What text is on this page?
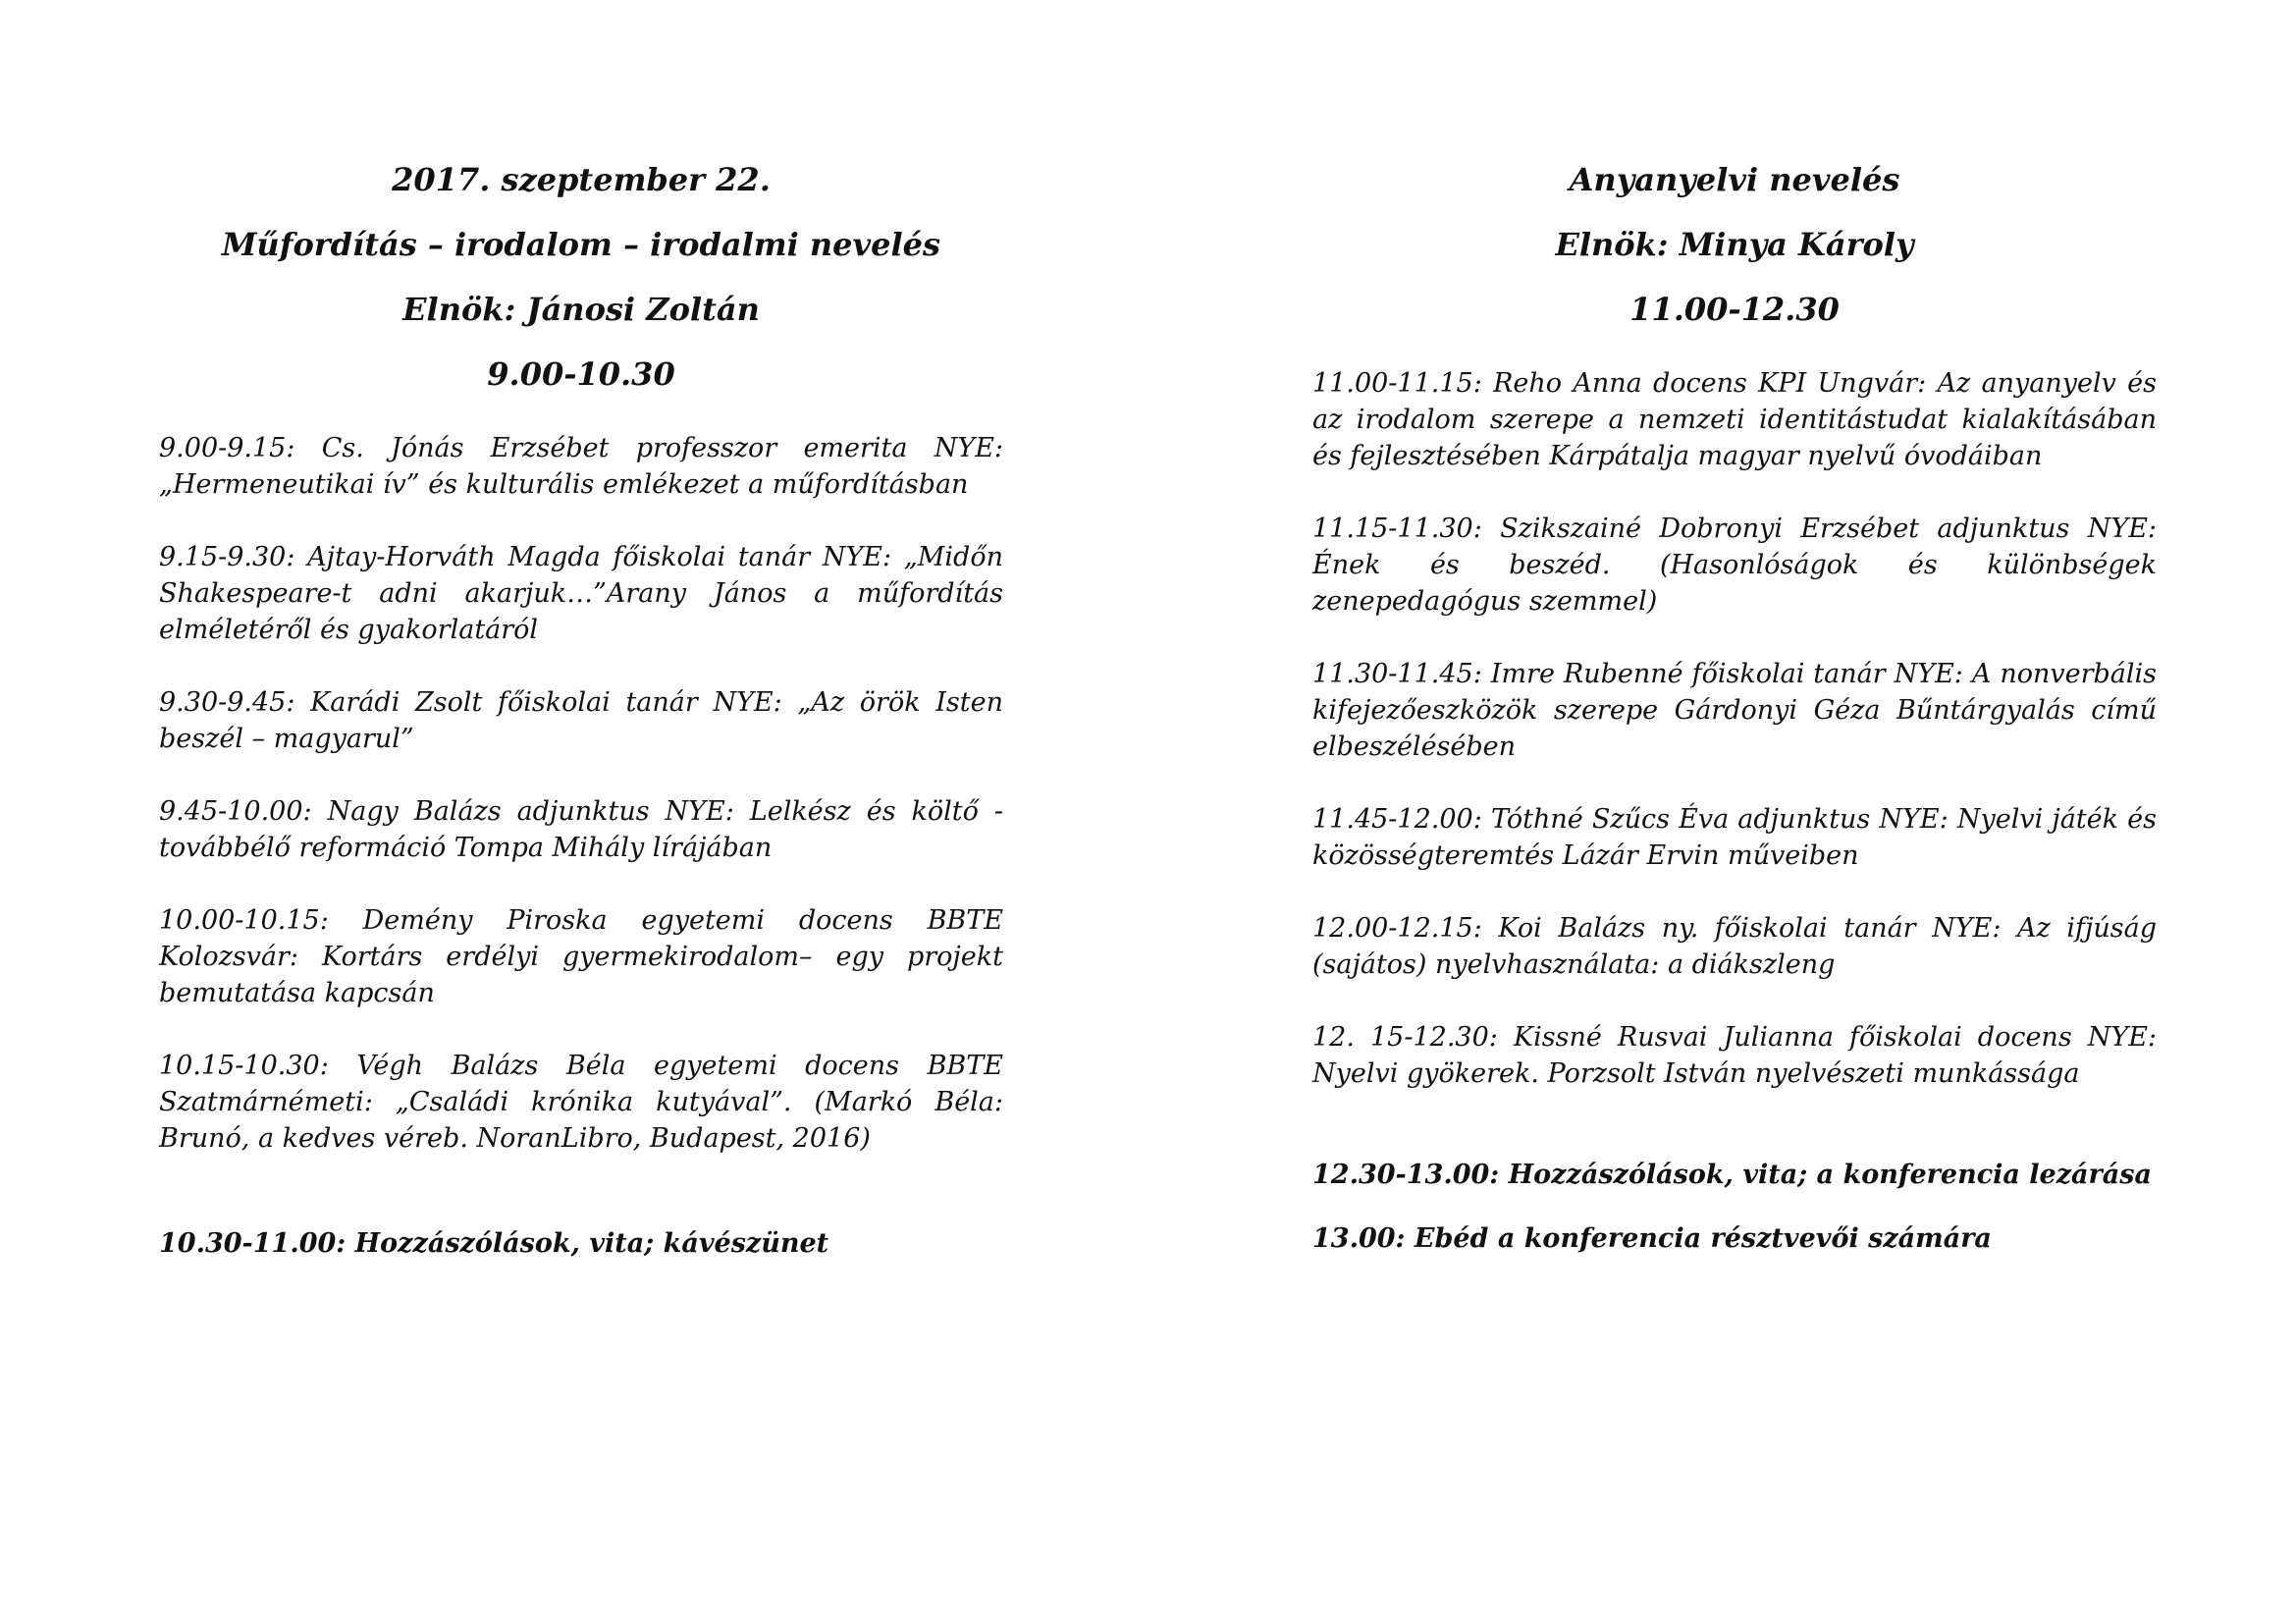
2017. szeptember 22.

Műfordítás – irodalom – irodalmi nevelés

Elnök: Jánosi Zoltán

9.00-10.30

9.00-9.15: Cs. Jónás Erzsébet professzor emerita NYE: „Hermeneutikai ív” és kulturális emlékezet a műfordításban

9.15-9.30: Ajtay-Horváth Magda főiskolai tanár NYE: „Midőn Shakespeare-t adni akarjuk…”Arany János a műfordítás elméletéről és gyakorlatáról

9.30-9.45: Karádi Zsolt főiskolai tanár NYE: „Az örök Isten beszél – magyarul”

9.45-10.00: Nagy Balázs adjunktus NYE: Lelkész és költő - továbbélő reformáció Tompa Mihály lírájában

10.00-10.15: Demény Piroska egyetemi docens BBTE Kolozsvár: Kortárs erdélyi gyermekirodalom– egy projekt bemutatása kapcsán

10.15-10.30: Végh Balázs Béla egyetemi docens BBTE Szatmárnémeti: „Családi krónika kutyával”. (Markó Béla: Brunó, a kedves véreb. NoranLibro, Budapest, 2016)

10.30-11.00: Hozzászólások, vita; kávészünet

Anyanyelvi nevelés

Elnök: Minya Károly

11.00-12.30

11.00-11.15: Reho Anna docens KPI Ungvár: Az anyanyelv és az irodalom szerepe a nemzeti identitástudat kialakításában és fejlesztésében Kárpátalja magyar nyelvű óvodáiban

11.15-11.30: Szikszainé Dobronyi Erzsébet adjunktus NYE: Ének és beszéd. (Hasonlóságok és különbségek zenepedagógus szemmel)

11.30-11.45: Imre Rubenné főiskolai tanár NYE: A nonverbális kifejezőeszközök szerepe Gárdonyi Géza Bűntárgyalás című elbeszélésében

11.45-12.00: Tóthné Szűcs Éva adjunktus NYE: Nyelvi játék és közösségteremtés Lázár Ervin műveiben

12.00-12.15: Koi Balázs ny. főiskolai tanár NYE: Az ifjúság (sajátos) nyelvhasználata: a diákszleng

12. 15-12.30: Kissné Rusvai Julianna főiskolai docens NYE: Nyelvi gyökerek. Porzsolt István nyelvészeti munkássága

12.30-13.00: Hozzászólások, vita; a konferencia lezárása

13.00: Ebéd a konferencia résztvevői számára
